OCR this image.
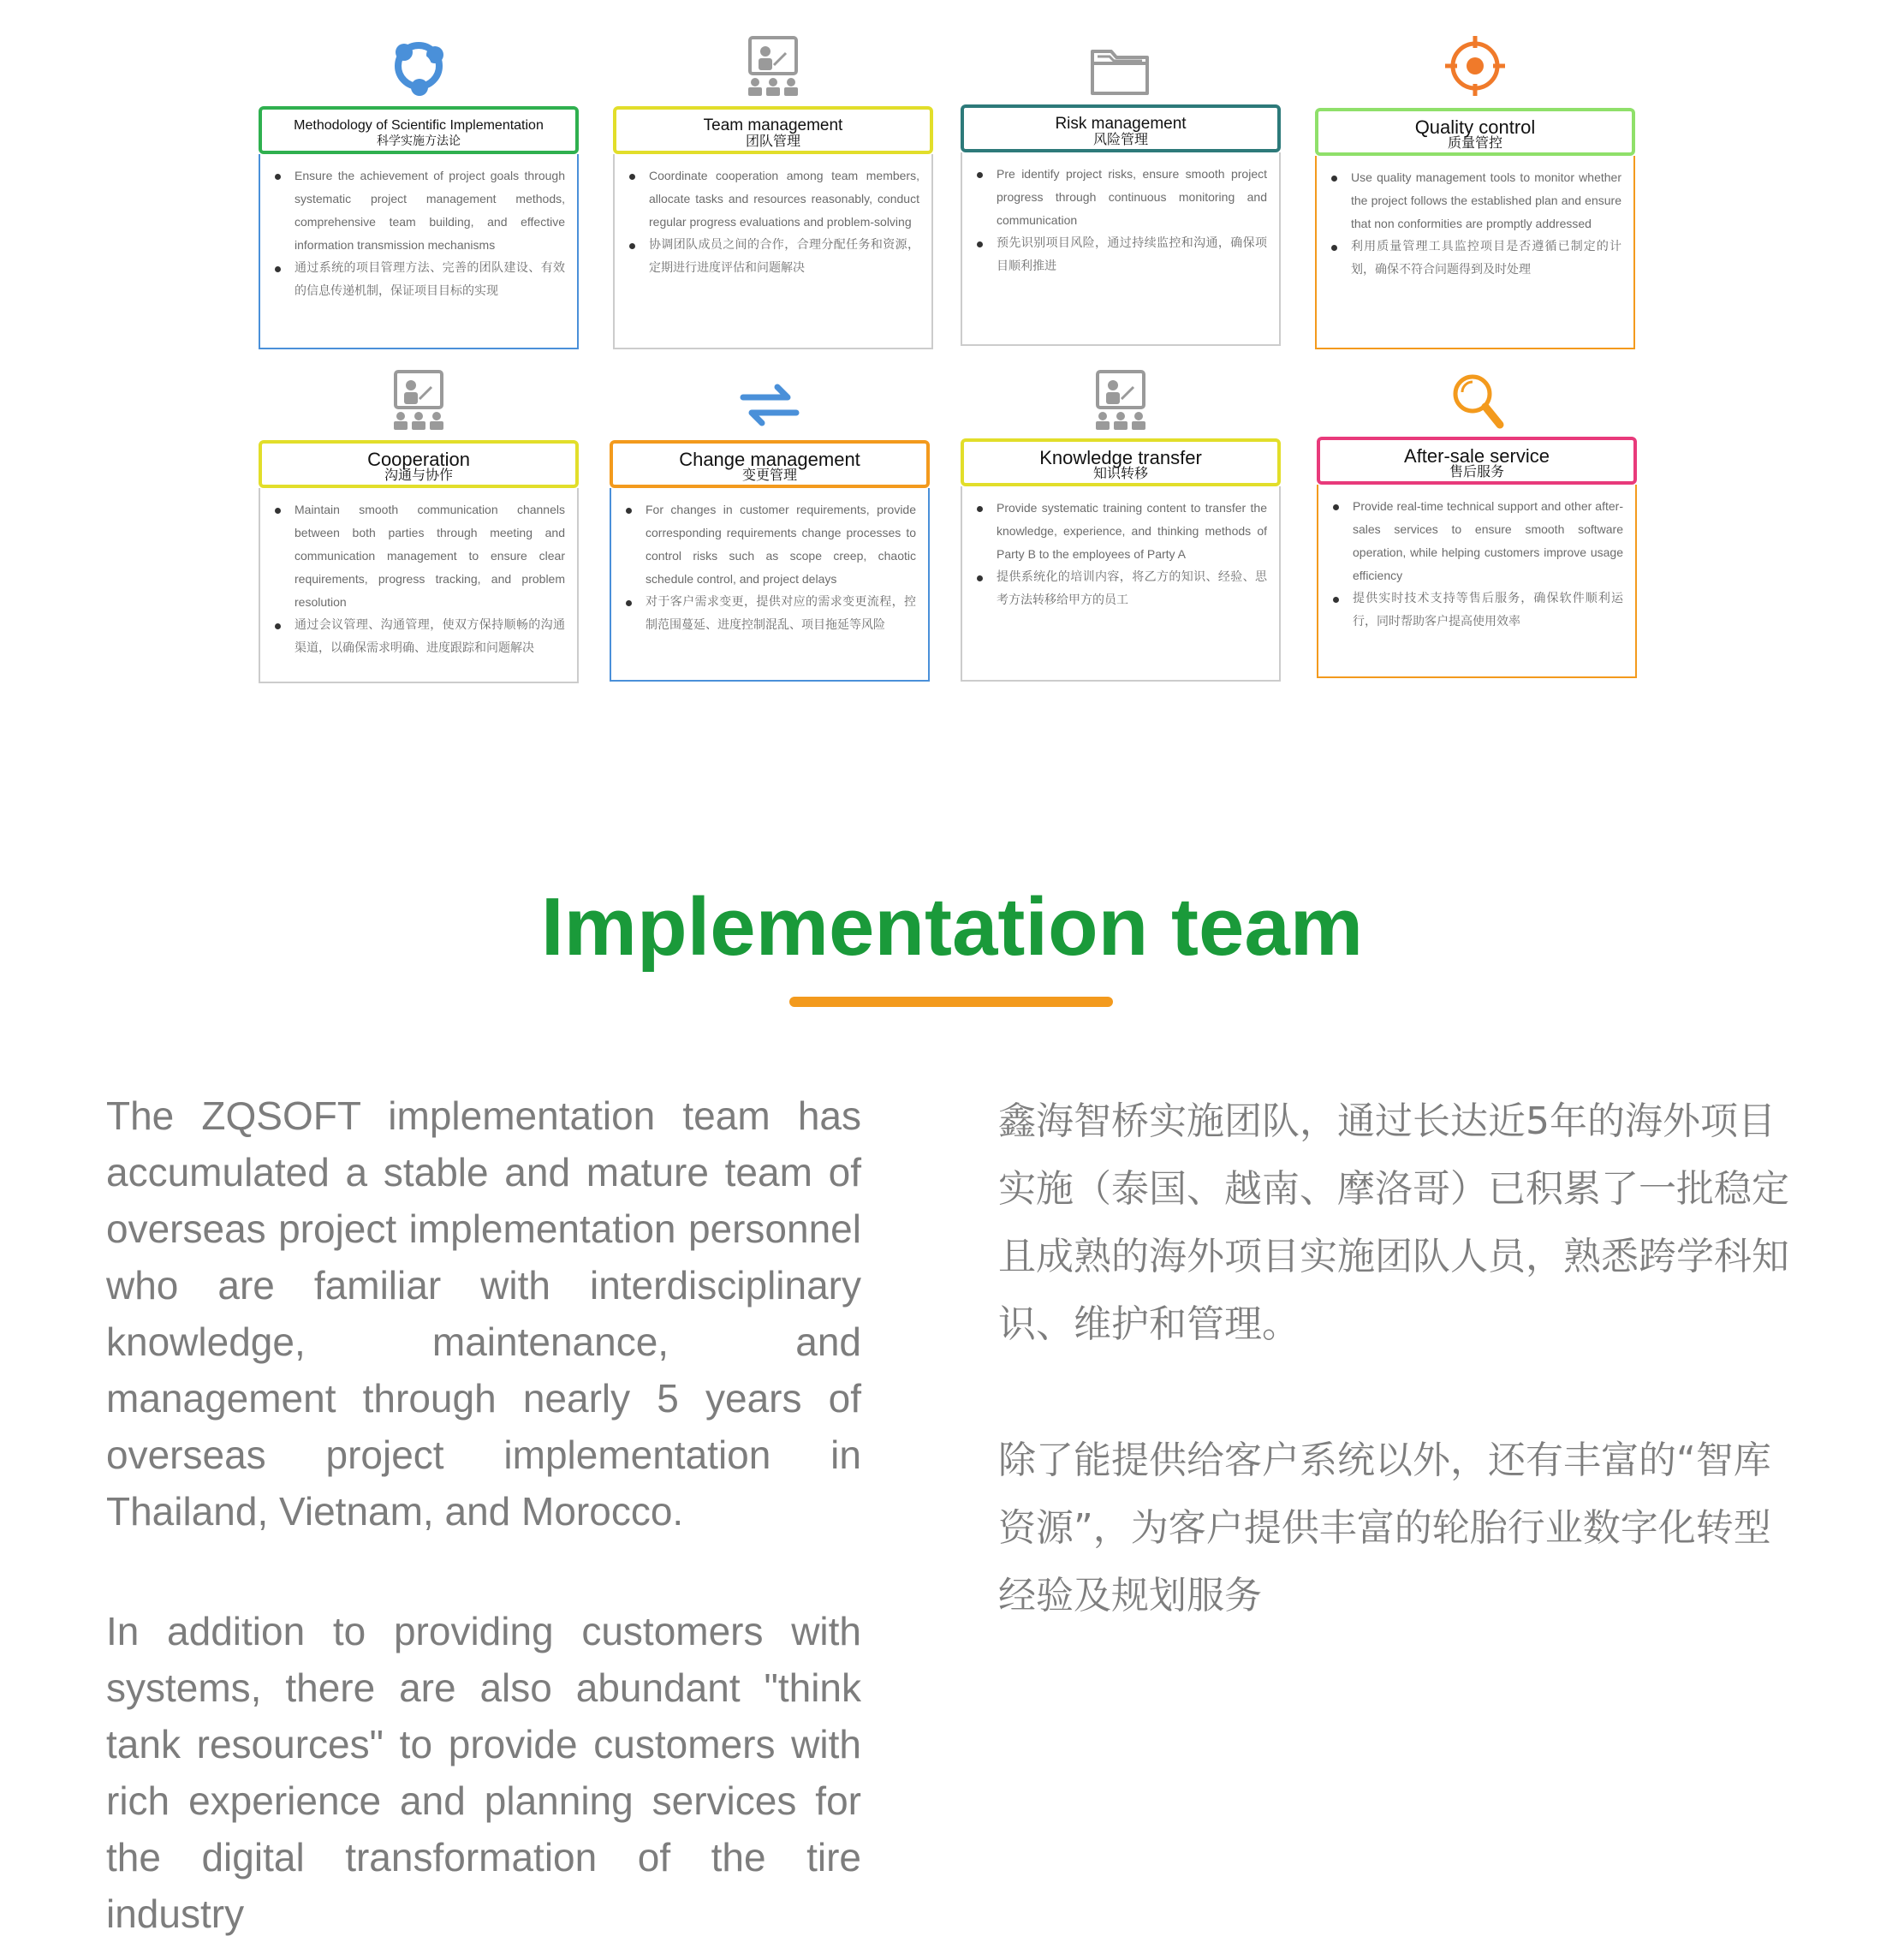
Methodology of Scientific Implementation
科学实施方法论
Ensure the achievement of project goals through systematic project management methods, comprehensive team building, and effective information transmission mechanisms
通过系统的项目管理方法、完善的团队建设、有效的信息传递机制，保证项目目标的实现
Team management
团队管理
Coordinate cooperation among team members, allocate tasks and resources reasonably, conduct regular progress evaluations and problem-solving
协调团队成员之间的合作，合理分配任务和资源，定期进行进度评估和问题解决
Risk management
风险管理
Pre identify project risks, ensure smooth project progress through continuous monitoring and communication
预先识别项目风险，通过持续监控和沟通，确保项目顺利推进
Quality control
质量管控
Use quality management tools to monitor whether the project follows the established plan and ensure that non conformities are promptly addressed
利用质量管理工具监控项目是否遵循已制定的计划，确保不符合问题得到及时处理
Cooperation
沟通与协作
Maintain smooth communication channels between both parties through meeting and communication management to ensure clear requirements, progress tracking, and problem resolution
通过会议管理、沟通管理，使双方保持顺畅的沟通渠道，以确保需求明确、进度跟踪和问题解决
Change management
变更管理
For changes in customer requirements, provide corresponding requirements change processes to control risks such as scope creep, chaotic schedule control, and project delays
对于客户需求变更，提供对应的需求变更流程，控制范围蔓延、进度控制混乱、项目拖延等风险
Knowledge transfer
知识转移
Provide systematic training content to transfer the knowledge, experience, and thinking methods of Party B to the employees of Party A
提供系统化的培训内容，将乙方的知识、经验、思考方法转移给甲方的员工
After-sale service
售后服务
Provide real-time technical support and other after-sales services to ensure smooth software operation, while helping customers improve usage efficiency
提供实时技术支持等售后服务，确保软件顺利运行，同时帮助客户提高使用效率
Implementation team
The ZQSOFT implementation team has accumulated a stable and mature team of overseas project implementation personnel who are familiar with interdisciplinary knowledge, maintenance, and management through nearly 5 years of overseas project implementation in Thailand, Vietnam, and Morocco.
In addition to providing customers with systems, there are also abundant "think tank resources" to provide customers with rich experience and planning services for the digital transformation of the tire industry
鑫海智桥实施团队，通过长达近5年的海外项目实施（泰国、越南、摩洛哥）已积累了一批稳定且成熟的海外项目实施团队人员，熟悉跨学科知识、维护和管理。
除了能提供给客户系统以外，还有丰富的“智库资源”，为客户提供丰富的轮胎行业数字化转型经验及规划服务
